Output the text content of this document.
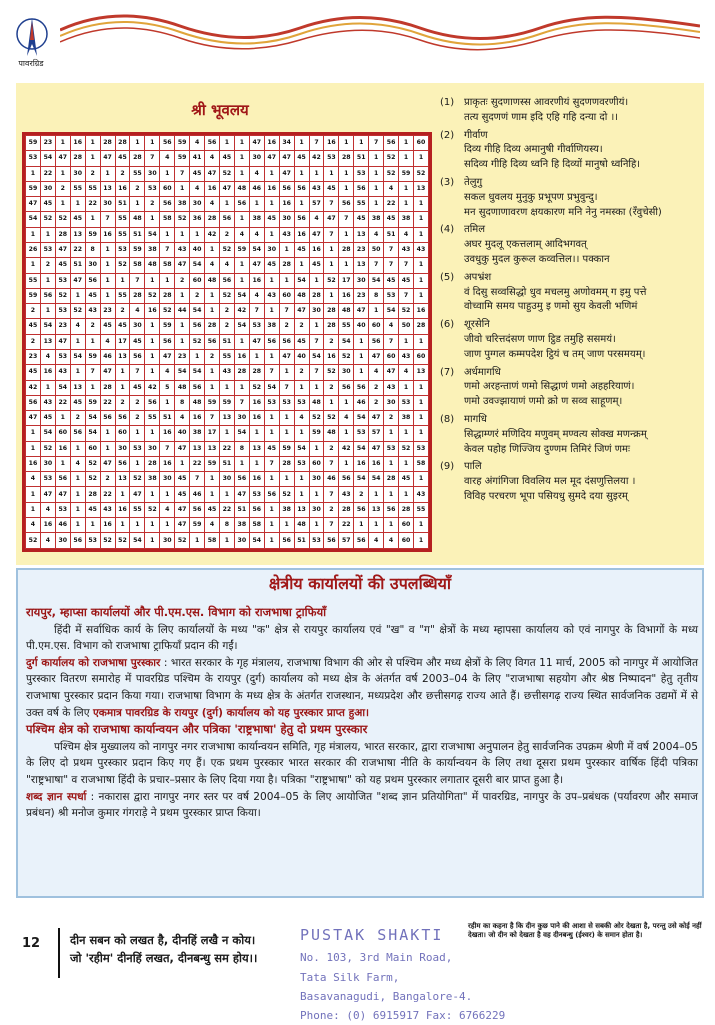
पावरग्रिड
श्री भूवलय
59	23	1	16	1	28	28	1	1	56	59	4	56	1	1	47	16	34	1	7	16	1	1	7	56	1	60
53	54	47	28	1	47	45	28	7	4	59	41	4	45	1	30	47	47	45	42	53	28	51	1	52	1	1
1	22	1	30	2	1	2	55	30	1	7	45	47	52	1	4	1	47	1	1	1	1	53	1	52	59	52
59	30	2	55	55	13	16	2	53	60	1	4	16	47	48	46	16	56	56	43	45	1	56	1	4	1	13
47	45	1	1	22	30	51	1	2	56	38	30	4	1	56	1	1	16	1	57	7	56	55	1	22	1	1
54	52	52	45	1	7	55	48	1	58	52	36	28	56	1	38	45	30	56	4	47	7	45	38	45	38	1
1	1	28	13	59	16	55	51	54	1	1	1	42	2	4	4	1	43	16	47	7	1	13	4	51	4	1
26	53	47	22	8	1	53	59	38	7	43	40	1	52	59	54	30	1	45	16	1	28	23	50	7	43	43
1	2	45	51	30	1	52	58	48	58	47	54	4	4	1	47	45	28	1	45	1	1	13	7	7	7	1
55	1	53	47	56	1	1	7	1	1	2	60	48	56	1	16	1	1	54	1	52	17	30	54	45	45	1
59	56	52	1	45	1	55	28	52	28	1	2	1	52	54	4	43	60	48	28	1	16	23	8	53	7	1
2	1	53	52	43	23	2	4	16	52	44	54	1	2	42	7	1	7	47	30	28	48	47	1	54	52	16
45	54	23	4	2	45	45	30	1	59	1	56	28	2	54	53	38	2	2	1	28	55	40	60	4	50	28
2	13	47	1	1	4	17	45	1	56	1	52	56	51	1	47	56	56	45	7	2	54	1	56	7	1	1
23	4	53	54	59	46	13	56	1	47	23	1	2	55	16	1	1	47	40	54	16	52	1	47	60	43	60
45	16	43	1	7	47	1	7	1	4	54	54	1	43	28	28	7	1	2	7	52	30	1	4	47	4	13
42	1	54	13	1	28	1	45	42	5	48	56	1	1	1	52	54	7	1	1	2	56	56	2	43	1	1
56	43	22	45	59	22	2	2	56	1	8	48	59	59	7	16	53	53	53	48	1	1	46	2	30	53	1
47	45	1	2	54	56	56	2	55	51	4	16	7	13	30	16	1	1	4	52	52	4	54	47	2	38	1
1	54	60	56	54	1	60	1	1	16	40	38	17	1	54	1	1	1	1	59	48	1	53	57	1	1	1
1	52	16	1	60	1	30	53	30	7	47	13	13	22	8	13	45	59	54	1	2	42	54	47	53	52	53
16	30	1	4	52	47	56	1	28	16	1	22	59	51	1	1	7	28	53	60	7	1	16	16	1	1	58
4	53	56	1	52	2	13	52	38	30	45	7	1	30	56	16	1	1	1	30	46	56	54	54	28	45	1
1	47	47	1	28	22	1	47	1	1	45	46	1	1	47	53	56	52	1	1	7	43	2	1	1	1	43
1	4	53	1	45	43	16	55	52	4	47	56	45	22	51	56	1	38	13	30	2	28	56	13	56	28	55
4	16	46	1	1	16	1	1	1	1	47	59	4	8	38	58	1	1	48	1	7	22	1	1	1	60	1
52	4	30	56	53	52	52	54	1	30	52	1	58	1	30	54	1	56	51	53	56	57	56	4	4	60	1
(1) प्राकृतः सुदणाणस्स आवरणीयं सुदणणवरणीयं।
तत्य सुदणणं णाम इदि एहि गहि दन्या दो ।।
(2) गीर्वाण
दिव्य गीहि दिव्य अमानुषी गीर्वाणियस्य।
सदिव्य गीहि दिव्य ध्वनि हि दिव्यों मानुषो ध्वनिहि।
(3) तेलुगु
सकल धुवलय मुनुकु प्रभूपण प्रभुवुन्दु।
मन सुदणाणावरण क्षयकारण मनि नेनु नमस्का (रँवुचेसी)
(4) तमिल
अघर मुदलू एकत्तलाम् आदिभगवत्
उवधुकु मुदल कुरूल कव्वत्तिल।। पक्कान
(5) अपभ्रंश
वं दिसु सव्वसिद्धो धुव मचलमु अणोवमम् ग इमु पत्ते
वोच्वामि समय पाहुउमु इ णमो सुय केवली भणिमं
(6) शूरसेनि
जीवो चरित्तदंसण णाण ट्ठिड तमुहि ससमयं।
जाण पुग्गल कम्मपदेश ट्ठियं च तम् जाण परसमयम्।
(7) अर्धमागधि
णमो अरहन्ताणं णमो सिद्धाणं णमो अहहरियाणं।
णमो उवज्झायाणं णमो क्रो ण सव्व साहूणम्।
(8) मागधि
सिद्धाम्णरं मणिदिय मणुवम् मण्वत्य सोक्ख मणन्क्रम्
केवल पहोह णिज्जिय दुण्णम तिमिरं जिणं णमः
(9) पालि
वारह अंगांगिजा विवलिय मल मूद दंसणुत्तिलया ।
विविह परचरण भूपा पसियधु सुमदे दया सुइरम्
क्षेत्रीय कार्यालयों की उपलब्धियाँ
रायपुर, म्हाप्सा कार्यालयों और पी.एम.एस. विभाग को राजभाषा ट्राफियाँ

हिंदी में सर्वाधिक कार्य के लिए कार्यालयों के मध्य "क" क्षेत्र से रायपुर कार्यालय एवं "ख" व "ग" क्षेत्रों के मध्य म्हापसा कार्यालय को एवं नागपुर के विभागों के मध्य पी.एम.एस. विभाग को राजभाषा ट्राफियाँ प्रदान की गईं।

दुर्ग कार्यालय को राजभाषा पुरस्कार : भारत सरकार के गृह मंत्रालय, राजभाषा विभाग की ओर से पश्चिम और मध्य क्षेत्रों के लिए विगत 11 मार्च, 2005 को नागपुर में आयोजित पुरस्कार वितरण समारोह में पावरग्रिड पश्चिम के रायपुर (दुर्ग) कार्यालय को मध्य क्षेत्र के अंतर्गत वर्ष 2003–04 के लिए "राजभाषा सहयोग और श्रेष्ठ निष्पादन" हेतु तृतीय राजभाषा पुरस्कार प्रदान किया गया। राजभाषा विभाग के मध्य क्षेत्र के अंतर्गत राजस्थान, मध्यप्रदेश और छत्तीसगढ़ राज्य आते हैं। छत्तीसगढ़ राज्य स्थित सार्वजनिक उद्यमों में से उक्त वर्ष के लिए एकमात्र पावरग्रिड के रायपुर (दुर्ग) कार्यालय को यह पुरस्कार प्राप्त हुआ।

पश्चिम क्षेत्र को राजभाषा कार्यान्वयन और पत्रिका 'राष्ट्रभाषा' हेतु दो प्रथम पुरस्कार

पश्चिम क्षेत्र मुख्यालय को नागपुर नगर राजभाषा कार्यान्वयन समिति, गृह मंत्रालय, भारत सरकार, द्वारा राजभाषा अनुपालन हेतु सार्वजनिक उपक्रम श्रेणी में वर्ष 2004–05 के लिए दो प्रथम पुरस्कार प्रदान किए गए हैं। एक प्रथम पुरस्कार भारत सरकार की राजभाषा नीति के कार्यान्वयन के लिए तथा दूसरा प्रथम पुरस्कार वार्षिक हिंदी पत्रिका "राष्ट्रभाषा" व राजभाषा हिंदी के प्रचार–प्रसार के लिए दिया गया है। पत्रिका "राष्ट्रभाषा" को यह प्रथम पुरस्कार लगातार दूसरी बार प्राप्त हुआ है।

शब्द ज्ञान स्पर्धा : नकारास द्वारा नागपुर नगर स्तर पर वर्ष 2004–05 के लिए आयोजित "शब्द ज्ञान प्रतियोगिता" में पावरग्रिड, नागपुर के उप–प्रबंधक (पर्यावरण और समाज प्रबंधन) श्री मनोज कुमार गंगराड़े ने प्रथम पुरस्कार प्राप्त किया।

12	दीन सबन को लखत है, दीनहिं लखै न कोय।
जो 'रहीम' दीनहिं लखत, दीनबन्धु सम होय।।
रहीम का कहना है कि दीन कुछ पाने की आशा से सबकी ओर देखता है, परन्तु उसे कोई नहीं देखता। जो दीन को देखता है वह दीनबन्धु (ईश्वर) के समान होता है।
PUSTAK SHAKTI
No. 103, 3rd Main Road,
Tata Silk Farm,
Basavanagudi, Bangalore-4.
Phone: (0) 6915917 Fax: 6766229
